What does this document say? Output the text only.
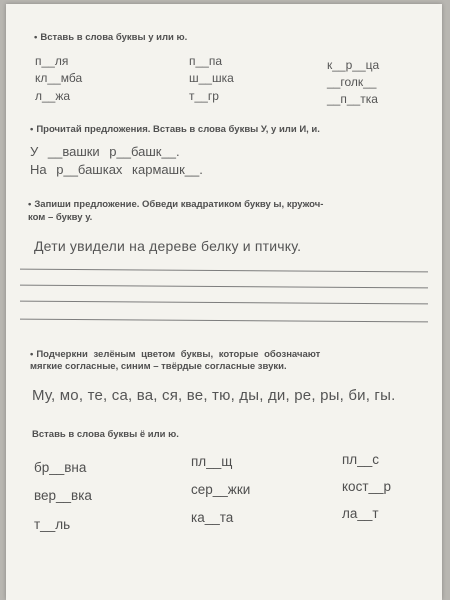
• Вставь в слова буквы у или ю.
п__ля
кл__мба
л__жа
п__па
ш__шка
т__гр
к__р__ца
__голк__
__п__тка
• Прочитай предложения. Вставь в слова буквы У, у или И, и.
У __вашки р__башк__.
На р__башках кармашк__.
• Запиши предложение. Обведи квадратиком букву ы, кружоч-
ком – букву у.
Дети увидели на дереве белку и птичку.
• Подчеркни зелёным цветом буквы, которые обозначают
мягкие согласные, синим – твёрдые согласные звуки.
Му, мо, те, са, ва, ся, ве, тю, ды, ди, ре, ры, би, гы.
Вставь в слова буквы ё или ю.
бр__вна
вер__вка
т__ль
пл__щ
сер__жки
ка__та
пл__с
кост__р
ла__т
